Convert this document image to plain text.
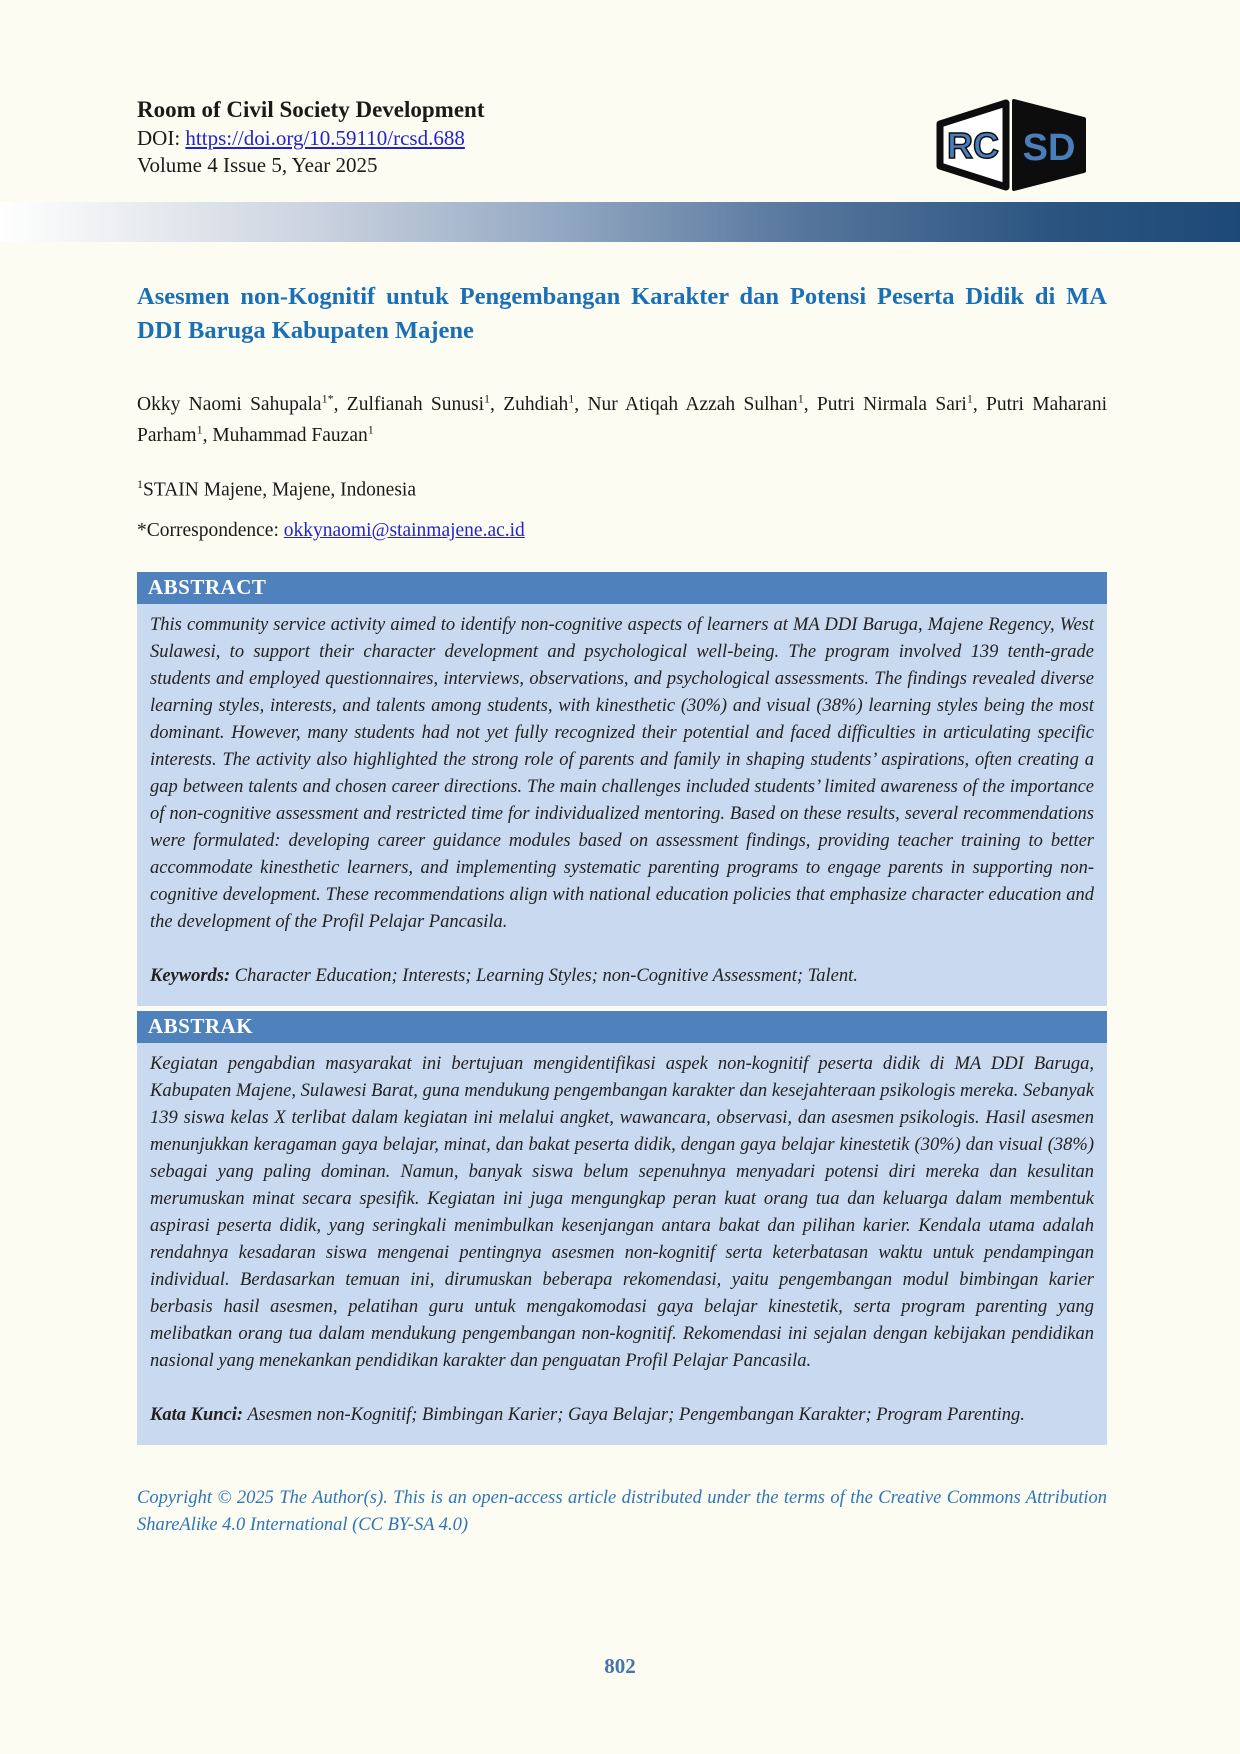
Room of Civil Society Development
DOI: https://doi.org/10.59110/rcsd.688
Volume 4 Issue 5, Year 2025	RC SD
Asesmen non-Kognitif untuk Pengembangan Karakter dan Potensi Peserta Didik di MA DDI Baruga Kabupaten Majene

Okky Naomi Sahupala$^{1*}$, Zulfianah Sunusi$^1$, Zuhdiah$^1$, Nur Atiqah Azzah Sulhan$^1$, Putri Nirmala Sari$^1$, Putri Maharani Parham$^1$, Muhammad Fauzan$^1$

$^1$STAIN Majene, Majene, Indonesia

*Correspondence: okkynaomi@stainmajene.ac.id

ABSTRACT

This community service activity aimed to identify non-cognitive aspects of learners at MA DDI Baruga, Majene Regency, West Sulawesi, to support their character development and psychological well-being. The program involved 139 tenth-grade students and employed questionnaires, interviews, observations, and psychological assessments. The findings revealed diverse learning styles, interests, and talents among students, with kinesthetic (30%) and visual (38%) learning styles being the most dominant. However, many students had not yet fully recognized their potential and faced difficulties in articulating specific interests. The activity also highlighted the strong role of parents and family in shaping students’ aspirations, often creating a gap between talents and chosen career directions. The main challenges included students’ limited awareness of the importance of non-cognitive assessment and restricted time for individualized mentoring. Based on these results, several recommendations were formulated: developing career guidance modules based on assessment findings, providing teacher training to better accommodate kinesthetic learners, and implementing systematic parenting programs to engage parents in supporting non-cognitive development. These recommendations align with national education policies that emphasize character education and the development of the Profil Pelajar Pancasila.

Keywords: Character Education; Interests; Learning Styles; non-Cognitive Assessment; Talent.

ABSTRAK

Kegiatan pengabdian masyarakat ini bertujuan mengidentifikasi aspek non-kognitif peserta didik di MA DDI Baruga, Kabupaten Majene, Sulawesi Barat, guna mendukung pengembangan karakter dan kesejahteraan psikologis mereka. Sebanyak 139 siswa kelas X terlibat dalam kegiatan ini melalui angket, wawancara, observasi, dan asesmen psikologis. Hasil asesmen menunjukkan keragaman gaya belajar, minat, dan bakat peserta didik, dengan gaya belajar kinestetik (30%) dan visual (38%) sebagai yang paling dominan. Namun, banyak siswa belum sepenuhnya menyadari potensi diri mereka dan kesulitan merumuskan minat secara spesifik. Kegiatan ini juga mengungkap peran kuat orang tua dan keluarga dalam membentuk aspirasi peserta didik, yang seringkali menimbulkan kesenjangan antara bakat dan pilihan karier. Kendala utama adalah rendahnya kesadaran siswa mengenai pentingnya asesmen non-kognitif serta keterbatasan waktu untuk pendampingan individual. Berdasarkan temuan ini, dirumuskan beberapa rekomendasi, yaitu pengembangan modul bimbingan karier berbasis hasil asesmen, pelatihan guru untuk mengakomodasi gaya belajar kinestetik, serta program parenting yang melibatkan orang tua dalam mendukung pengembangan non-kognitif. Rekomendasi ini sejalan dengan kebijakan pendidikan nasional yang menekankan pendidikan karakter dan penguatan Profil Pelajar Pancasila.

Kata Kunci: Asesmen non-Kognitif; Bimbingan Karier; Gaya Belajar; Pengembangan Karakter; Program Parenting.

Copyright © 2025 The Author(s). This is an open-access article distributed under the terms of the Creative Commons Attribution ShareAlike 4.0 International (CC BY-SA 4.0)

802
